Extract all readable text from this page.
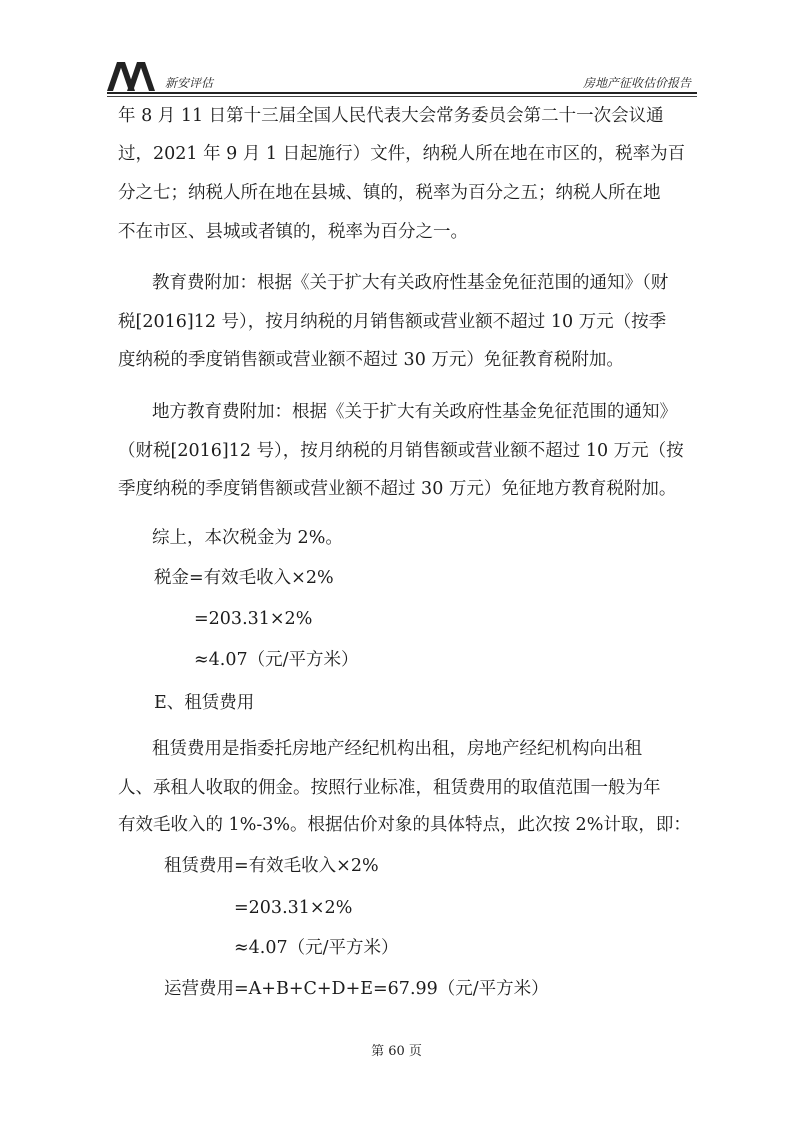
新安评估	房地产征收估价报告
年 8 月 11 日第十三届全国人民代表大会常务委员会第二十一次会议通
过，2021 年 9 月 1 日起施行）文件，纳税人所在地在市区的，税率为百
分之七；纳税人所在地在县城、镇的，税率为百分之五；纳税人所在地
不在市区、县城或者镇的，税率为百分之一。
教育费附加：根据《关于扩大有关政府性基金免征范围的通知》（财
税[2016]12 号），按月纳税的月销售额或营业额不超过 10 万元（按季
度纳税的季度销售额或营业额不超过 30 万元）免征教育税附加。
地方教育费附加：根据《关于扩大有关政府性基金免征范围的通知》
（财税[2016]12 号），按月纳税的月销售额或营业额不超过 10 万元（按
季度纳税的季度销售额或营业额不超过 30 万元）免征地方教育税附加。
综上，本次税金为 2%。
税金=有效毛收入×2%
=203.31×2%
≈4.07（元/平方米）
E、租赁费用
租赁费用是指委托房地产经纪机构出租，房地产经纪机构向出租
人、承租人收取的佣金。按照行业标准，租赁费用的取值范围一般为年
有效毛收入的 1%-3%。根据估价对象的具体特点，此次按 2%计取，即：
租赁费用=有效毛收入×2%
=203.31×2%
≈4.07（元/平方米）
运营费用=A+B+C+D+E=67.99（元/平方米）
第 60 页
